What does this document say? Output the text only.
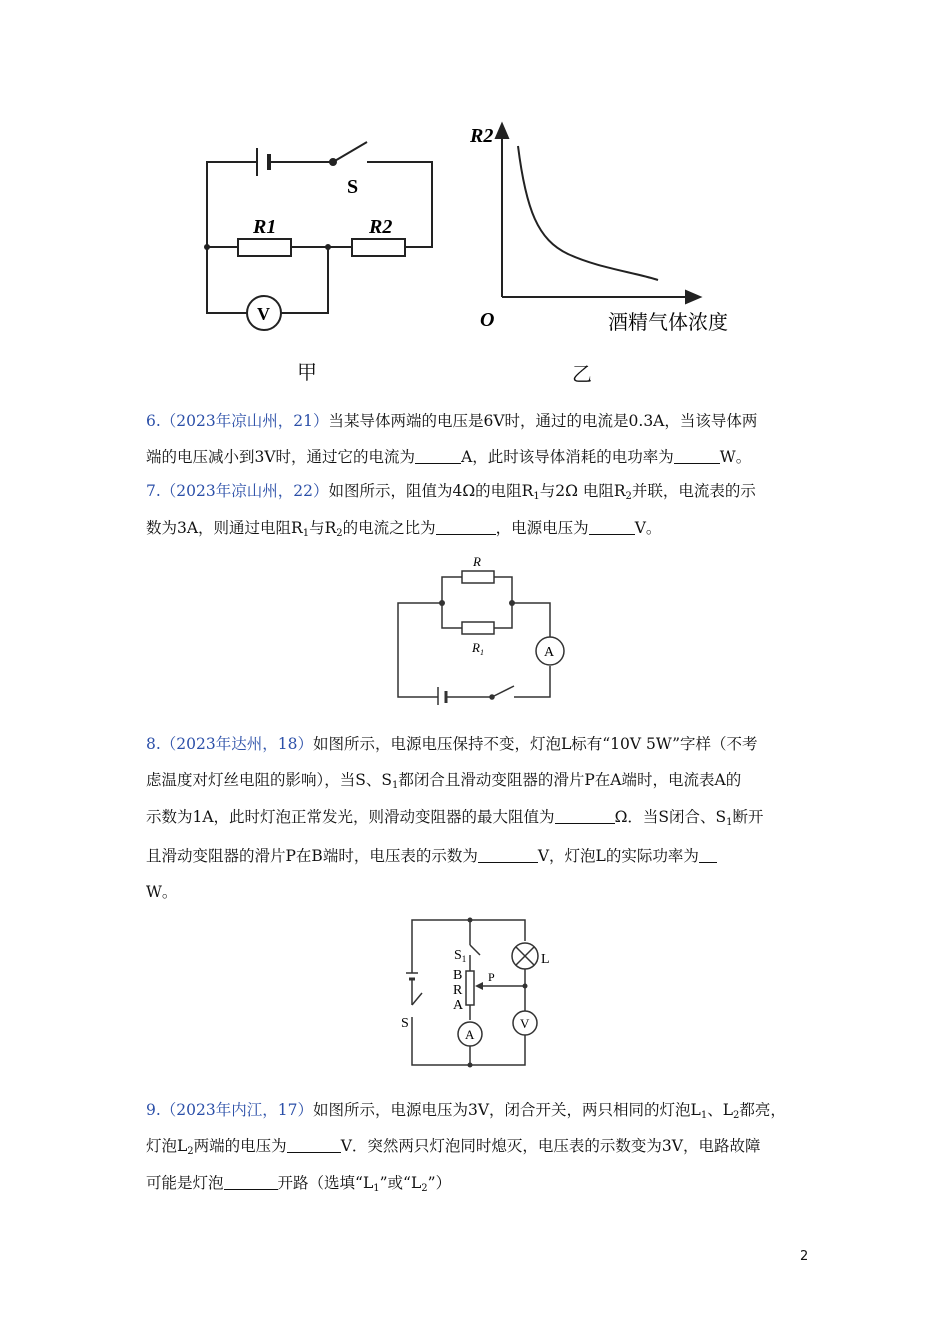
S
R1	R2
V
R2
O	酒精气体浓度
甲	乙
6.（2023年凉山州，21）当某导体两端的电压是6V时，通过的电流是0.3A，当该导体两
端的电压减小到3V时，通过它的电流为	A，此时该导体消耗的电功率为	W。
7.（2023年凉山州，22）如图所示，阻值为4Ω的电阻$R_1$与2Ω 电阻$R_2$并联，电流表的示
数为3A，则通过电阻$R_1$与$R_2$的电流之比为	，电源电压为	V。
R
$R_1$	A
8.（2023年达州，18）如图所示，电源电压保持不变，灯泡L标有“10V 5W”字样（不考
虑温度对灯丝电阻的影响），当S、$S_1$都闭合且滑动变阻器的滑片P在A端时，电流表A的
示数为1A，此时灯泡正常发光，则滑动变阻器的最大阻值为	Ω．当S闭合、$S_1$断开
且滑动变阻器的滑片P在B端时，电压表的示数为	V，灯泡L的实际功率为
W。
$S_1$
B
R
A
P
L
S
A
V
9.（2023年内江，17）如图所示，电源电压为3V，闭合开关，两只相同的灯泡$L_1$、$L_2$都亮，
灯泡$L_2$两端的电压为	V．突然两只灯泡同时熄灭，电压表的示数变为3V，电路故障
可能是灯泡	开路（选填“$L_1$”或“$L_2$”）
2
